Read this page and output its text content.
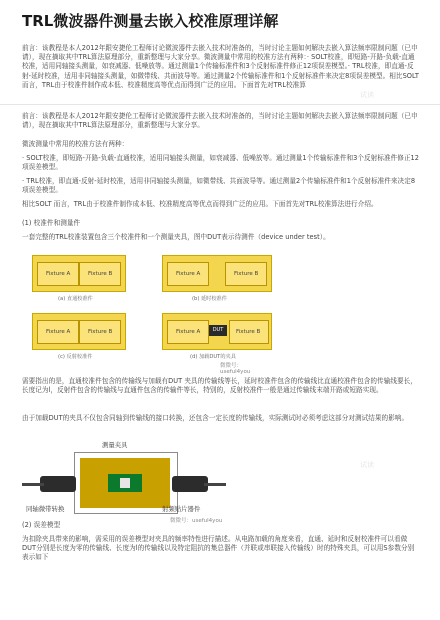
TRL微波器件测量去嵌入校准原理详解
前言：该教程是本人2012年跟安捷伦工程师讨论微波器件去嵌入技术时准备的，当时讨论主题如何解决去嵌入算法频率限制问题（已申请），现在摘取其中TRL算法原理部分，重新整理与大家分享。微波测量中常用的校准方法有两种：· SOLT校准，即短路-开路-负载-直通校准，适用同轴接头测量，如衰减器、低噪放等。通过测量1个传输标准件和3个反射标准件修正12项误差模型。· TRL校准，即直通-反射-延时校准，适用非同轴接头测量，如微带线、共面波导等。通过测量2个传输标准件和1个反射标准件来决定8项误差模型。相比SOLT 而言，TRL由于校准件制作成本低、校准精度高等优点而得到广泛的应用。下面首先对TRL校准算
前言：该教程是本人2012年跟安捷伦工程师讨论微波器件去嵌入技术时准备的，当时讨论主题如何解决去嵌入算法频率限制问题（已申请），现在摘取其中TRL算法原理部分，重新整理与大家分享。
微波测量中常用的校准方法有两种：
· SOLT校准，即短路-开路-负载-直通校准，适用同轴接头测量，如衰减器、低噪放等。通过测量1个传输标准件和3个反射标准件修正12项误差模型。
· TRL校准，即直通-反射-延时校准，适用非同轴接头测量，如微带线、共面波导等。通过测量2个传输标准件和1个反射标准件来决定8项误差模型。
相比SOLT 而言，TRL由于校准件制作成本低、校准精度高等优点而得到广泛的应用。下面首先对TRL校准算法进行介绍。
(1) 校准件和测量件
一套完整的TRL校准装置包含三个校准件和一个测量夹具，图中DUT表示待测件（device under test）。
Fixture A	Fixture B
(a) 直通校准件
Fixture A	Fixture B
(b) 延时校准件
Fixture A	Fixture B
(c) 反射校准件
Fixture A	DUT	Fixture B
(d) 加载DUT的夹具
微微号：useful4you
需要指出的是，直通校准件包含的传输线与加载有DUT 夹具的传输线等长，延时校准件包含的传输线比直通校准件包含的传输线要长，长度记为l，反射件包含的传输线与直通件包含的传输件等长，特别的，反射校准件一般是通过传输线末端开路或短路实现。
由于加载DUT的夹具不仅包含同轴到传输线的接口转换，还包含一定长度的传输线，实际测试时必须考虑这部分对测试结果的影响。
测量夹具
同轴微带转换	射频贴片器件
微微号：useful4you
(2) 误差模型
为扣除夹具带来的影响，需采用的误差模型对夹具的频率特性进行描述。从电路加载的角度来看，直通、延时和反射校准件可以看做DUT分别是长度为零的传输线、长度为l的传输线以及特定阻抗的集总器件（并联或串联接入传输线）时的特殊夹具，可以用S参数分别表示如下
试读
试读
